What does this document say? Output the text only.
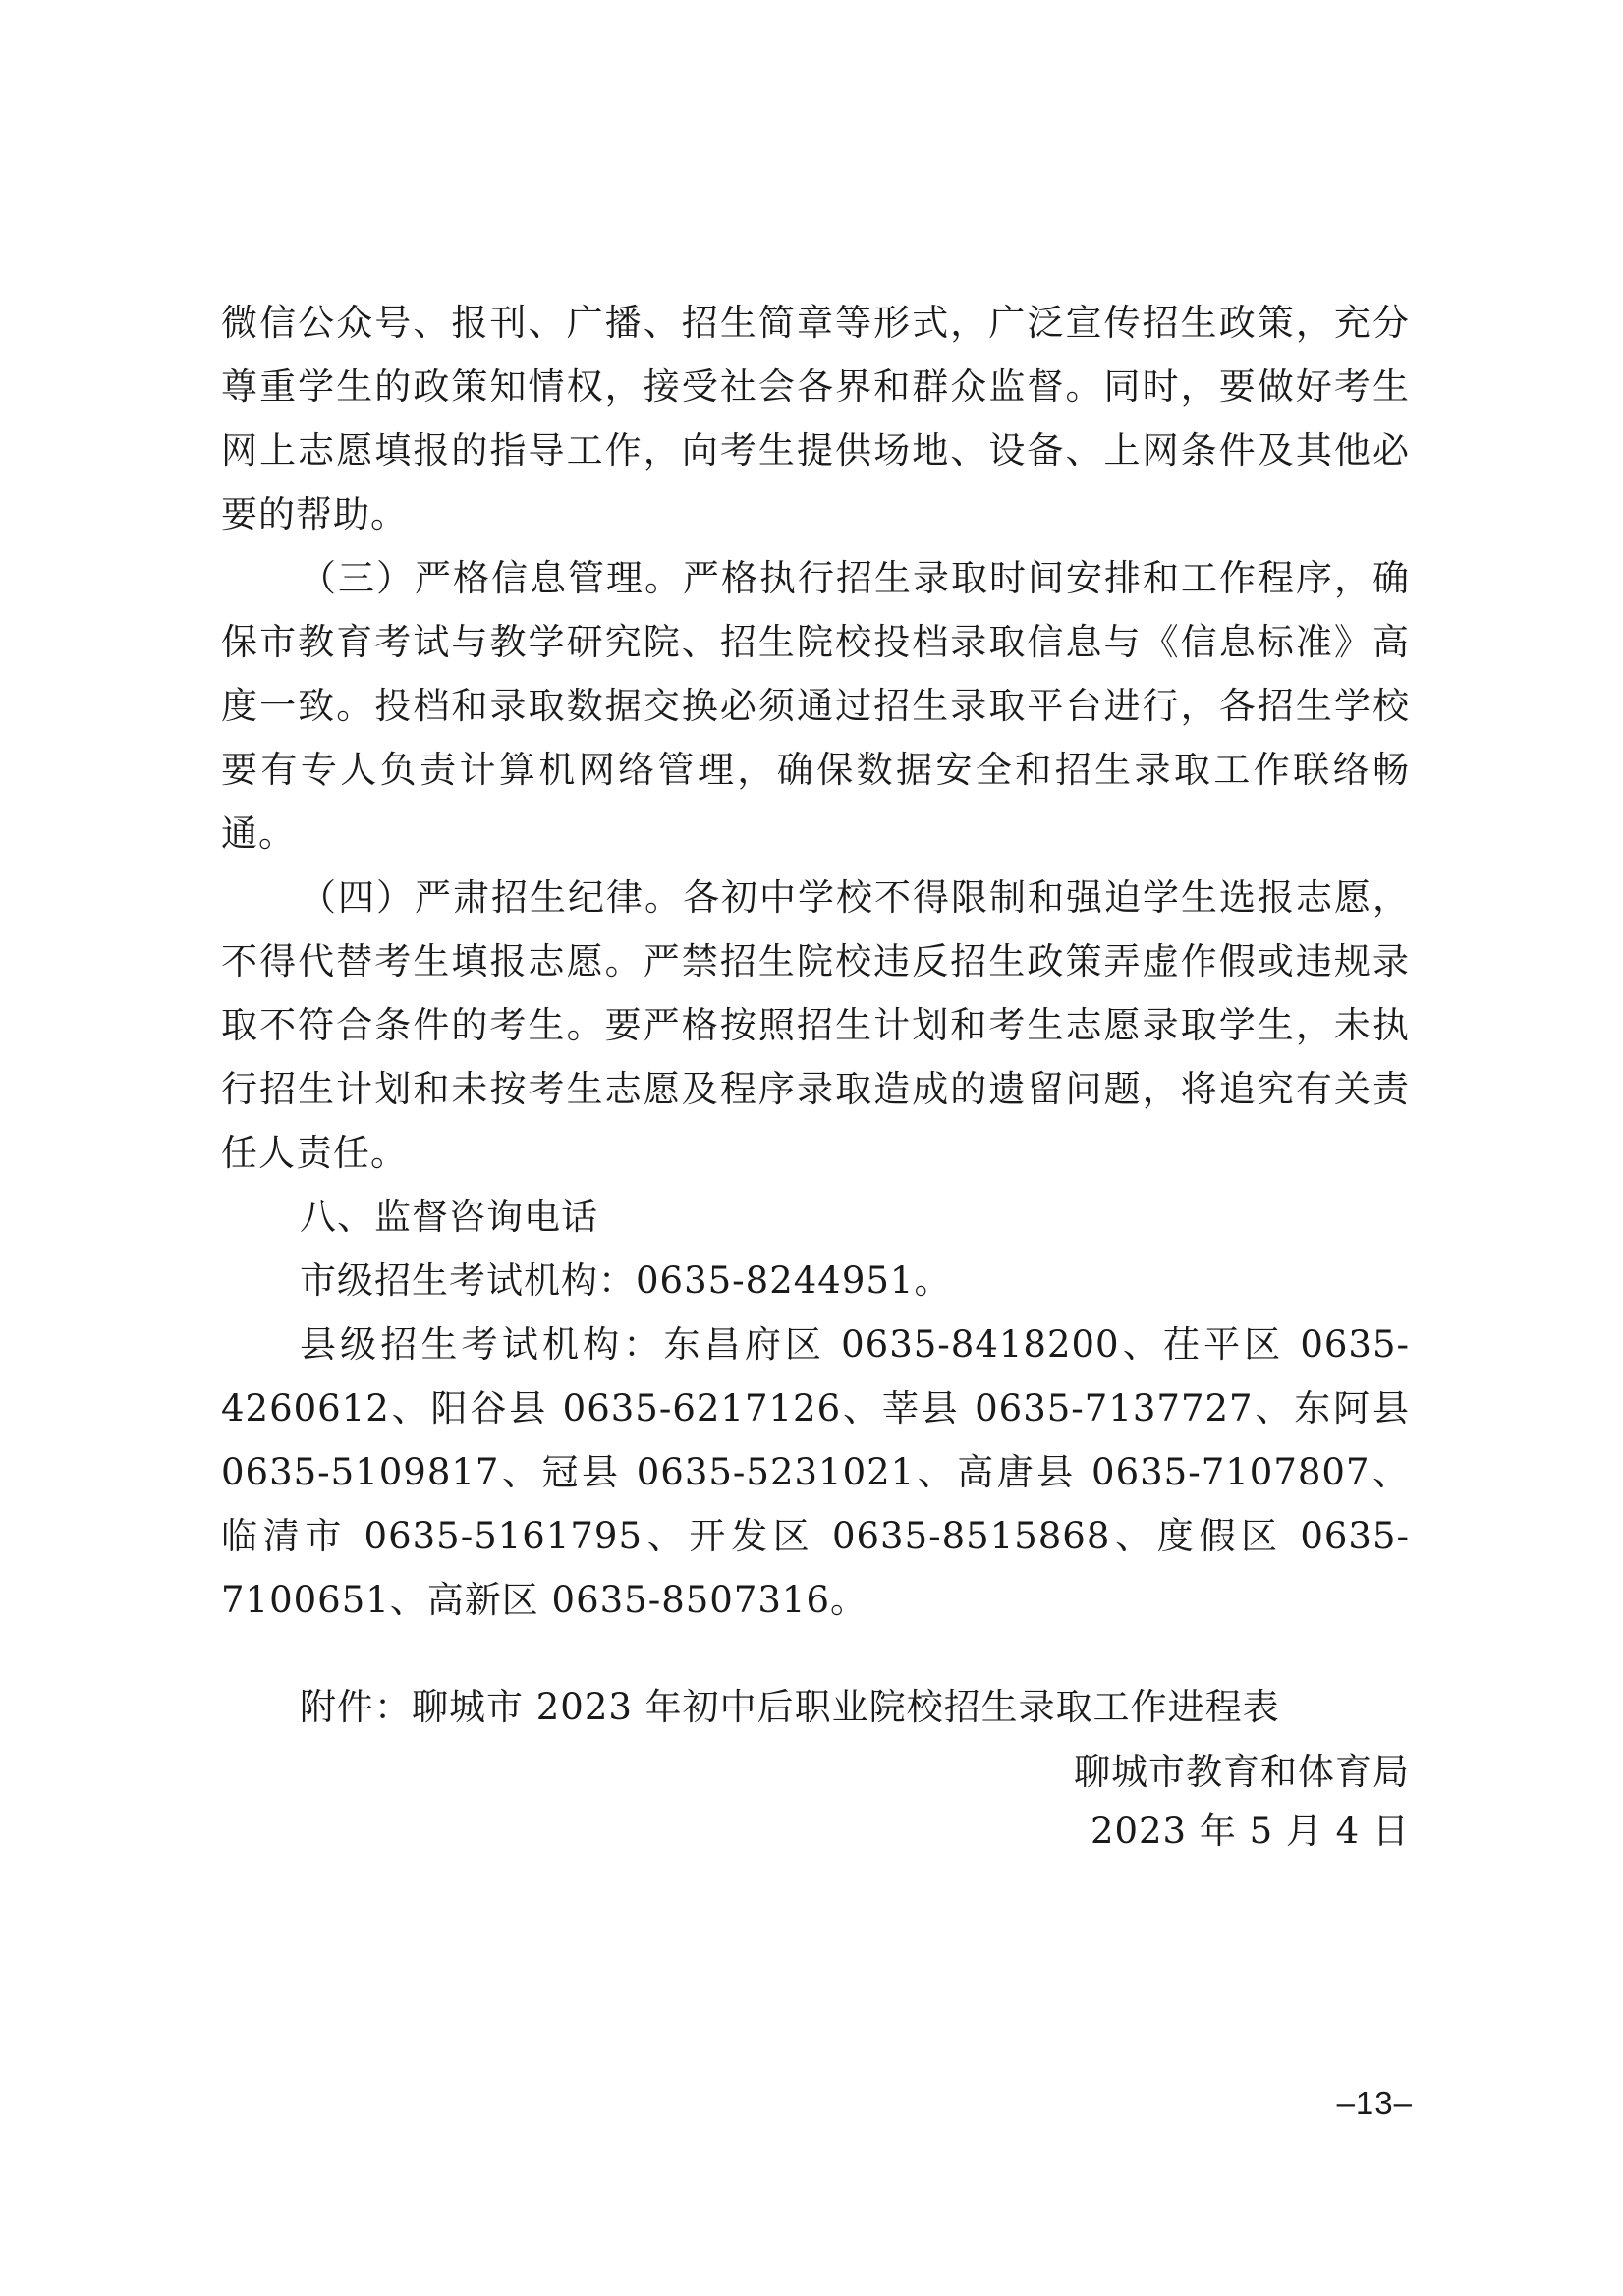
微信公众号、报刊、广播、招生简章等形式，广泛宣传招生政策，充分尊重学生的政策知情权，接受社会各界和群众监督。同时，要做好考生网上志愿填报的指导工作，向考生提供场地、设备、上网条件及其他必要的帮助。

（三）严格信息管理。严格执行招生录取时间安排和工作程序，确保市教育考试与教学研究院、招生院校投档录取信息与《信息标准》高度一致。投档和录取数据交换必须通过招生录取平台进行，各招生学校要有专人负责计算机网络管理，确保数据安全和招生录取工作联络畅通。

（四）严肃招生纪律。各初中学校不得限制和强迫学生选报志愿，不得代替考生填报志愿。严禁招生院校违反招生政策弄虚作假或违规录取不符合条件的考生。要严格按照招生计划和考生志愿录取学生，未执行招生计划和未按考生志愿及程序录取造成的遗留问题，将追究有关责任人责任。

八、监督咨询电话

市级招生考试机构：0635-8244951。

县级招生考试机构：东昌府区 0635-8418200、茌平区 0635-4260612、阳谷县 0635-6217126、莘县 0635-7137727、东阿县 0635-5109817、冠县 0635-5231021、高唐县 0635-7107807、临清市 0635-5161795、开发区 0635-8515868、度假区 0635-7100651、高新区 0635-8507316。

附件：聊城市 2023 年初中后职业院校招生录取工作进程表

聊城市教育和体育局
2023 年 5 月 4 日
–13–
